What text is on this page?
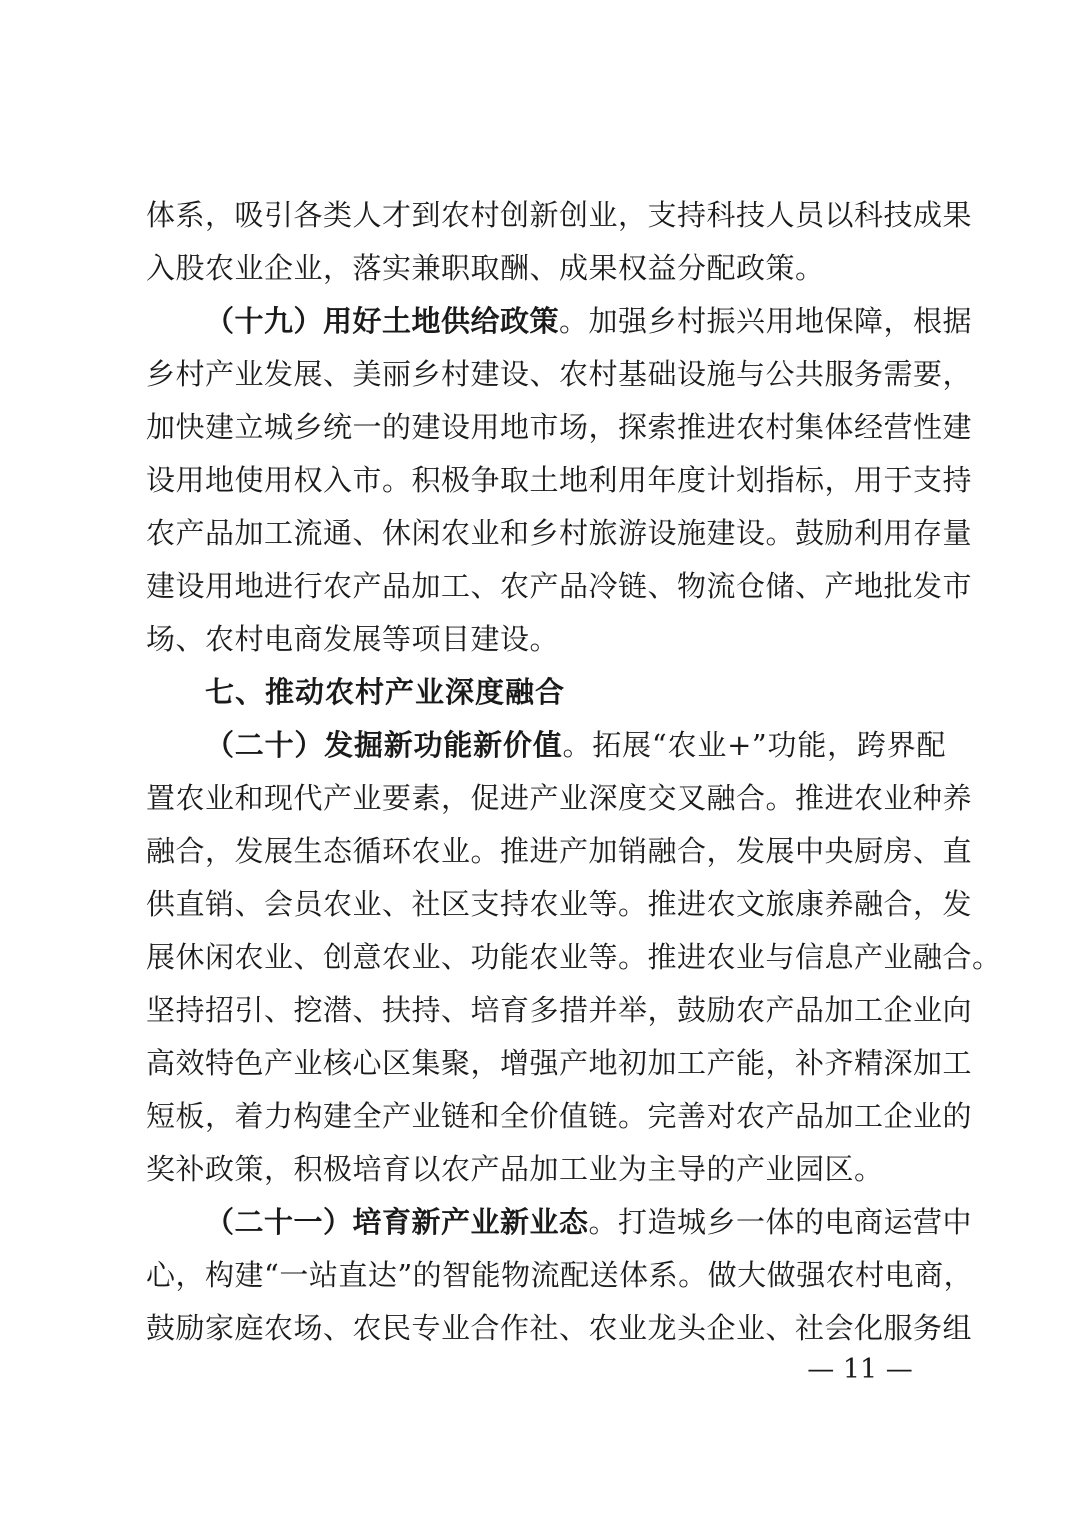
体系，吸引各类人才到农村创新创业，支持科技人员以科技成果
入股农业企业，落实兼职取酬、成果权益分配政策。
（十九）用好土地供给政策。加强乡村振兴用地保障，根据
乡村产业发展、美丽乡村建设、农村基础设施与公共服务需要，
加快建立城乡统一的建设用地市场，探索推进农村集体经营性建
设用地使用权入市。积极争取土地利用年度计划指标，用于支持
农产品加工流通、休闲农业和乡村旅游设施建设。鼓励利用存量
建设用地进行农产品加工、农产品冷链、物流仓储、产地批发市
场、农村电商发展等项目建设。
七、推动农村产业深度融合
（二十）发掘新功能新价值。拓展“农业+”功能，跨界配
置农业和现代产业要素，促进产业深度交叉融合。推进农业种养
融合，发展生态循环农业。推进产加销融合，发展中央厨房、直
供直销、会员农业、社区支持农业等。推进农文旅康养融合，发
展休闲农业、创意农业、功能农业等。推进农业与信息产业融合。
坚持招引、挖潜、扶持、培育多措并举，鼓励农产品加工企业向
高效特色产业核心区集聚，增强产地初加工产能，补齐精深加工
短板，着力构建全产业链和全价值链。完善对农产品加工企业的
奖补政策，积极培育以农产品加工业为主导的产业园区。
（二十一）培育新产业新业态。打造城乡一体的电商运营中
心，构建“一站直达”的智能物流配送体系。做大做强农村电商，
鼓励家庭农场、农民专业合作社、农业龙头企业、社会化服务组
— 11 —
